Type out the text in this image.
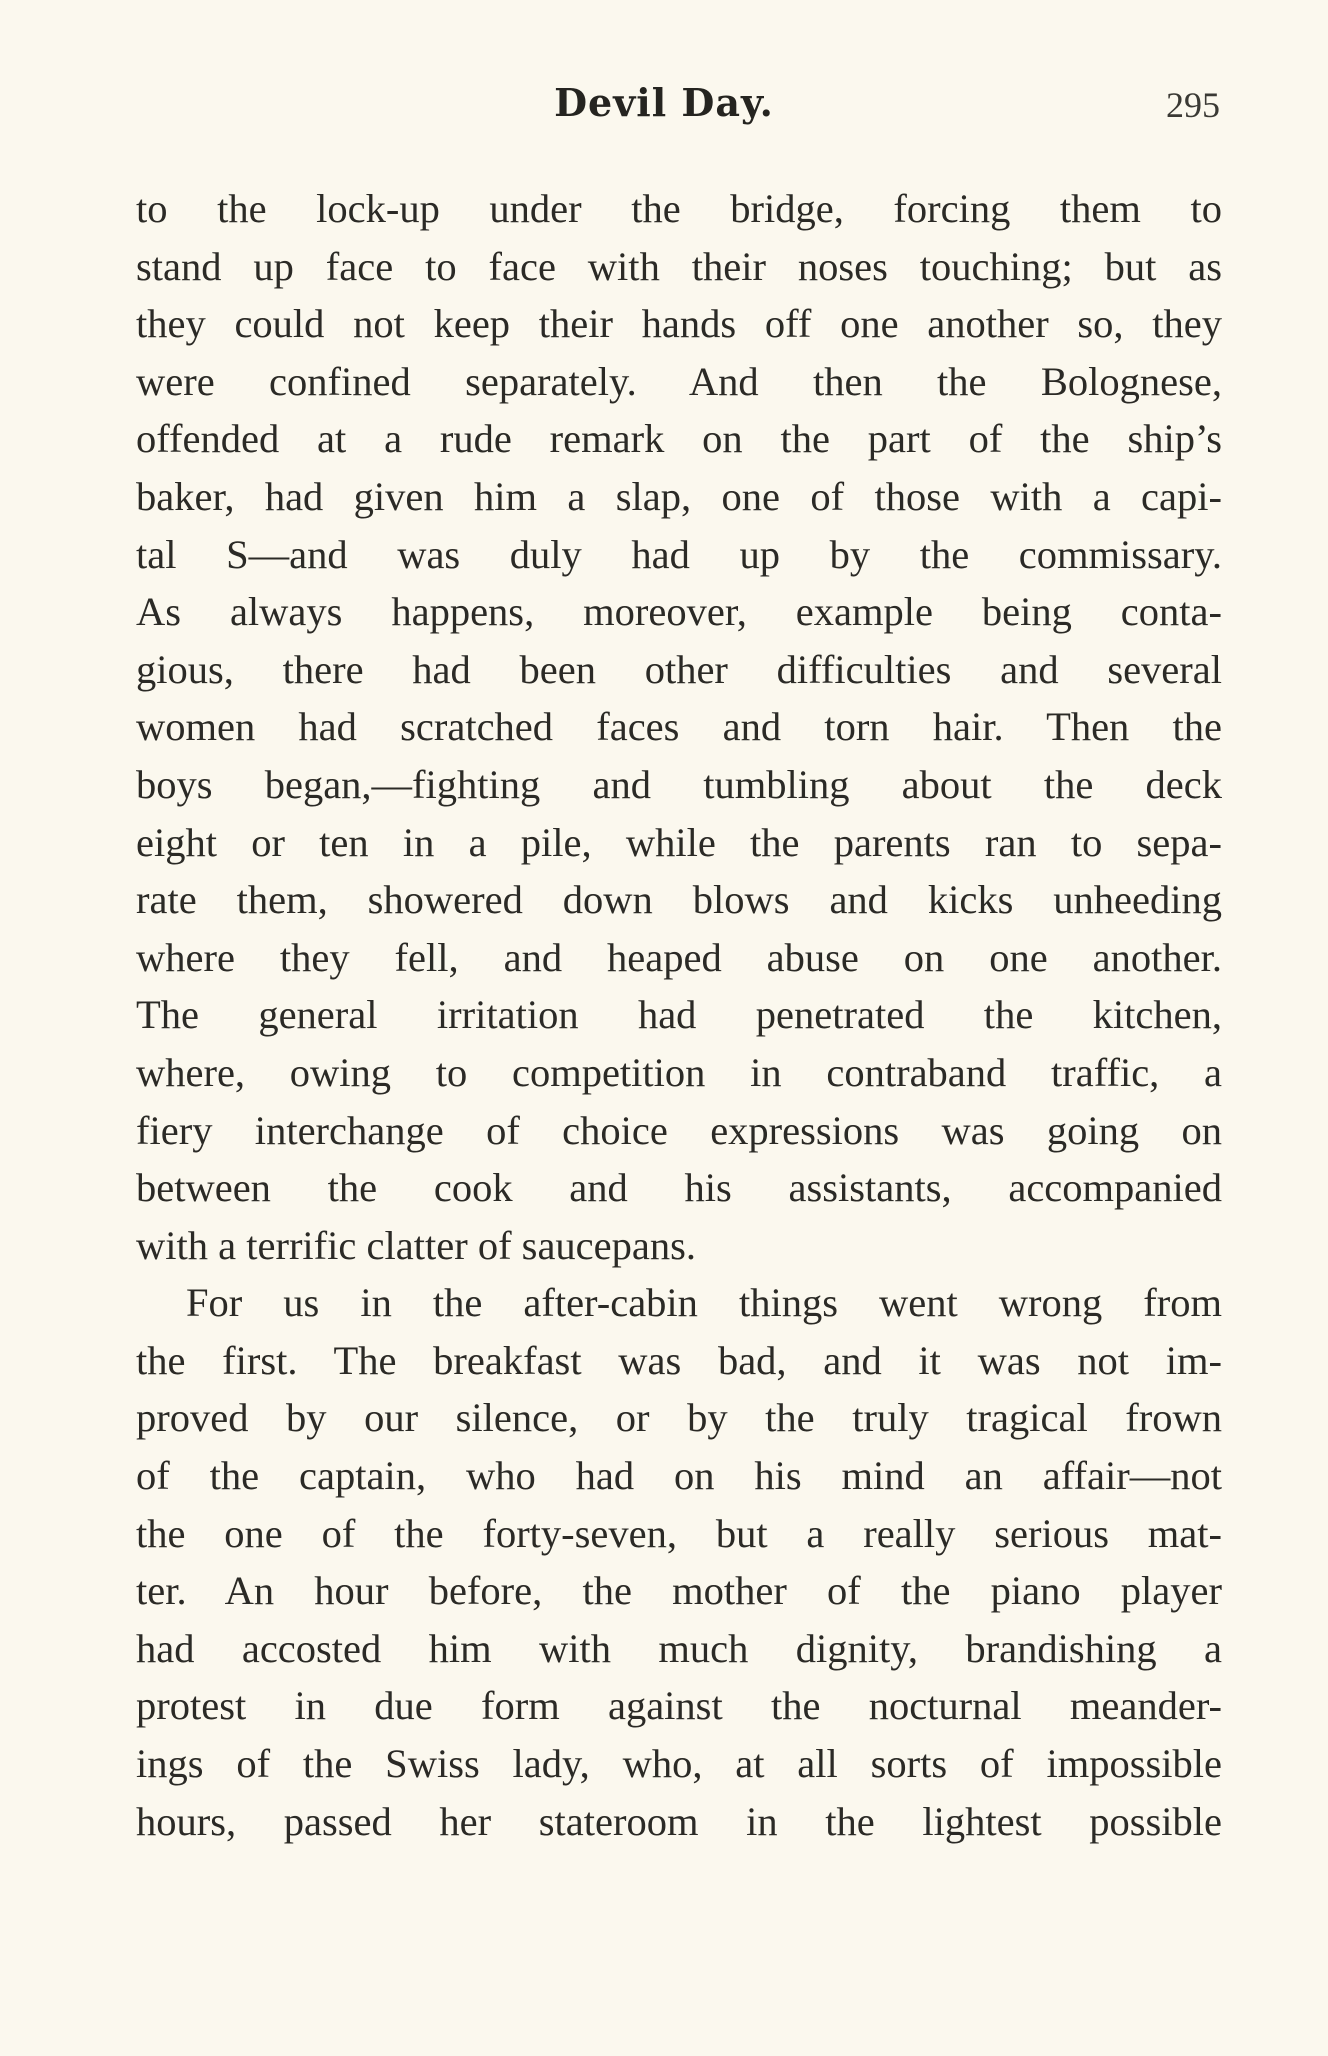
Devil Day.	295
to the lock-up under the bridge, forcing them to
stand up face to face with their noses touching; but as
they could not keep their hands off one another so, they
were confined separately. And then the Bolognese,
offended at a rude remark on the part of the ship’s
baker, had given him a slap, one of those with a capi-
tal S—and was duly had up by the commissary.
As always happens, moreover, example being conta-
gious, there had been other difficulties and several
women had scratched faces and torn hair. Then the
boys began,—fighting and tumbling about the deck
eight or ten in a pile, while the parents ran to sepa-
rate them, showered down blows and kicks unheeding
where they fell, and heaped abuse on one another.
The general irritation had penetrated the kitchen,
where, owing to competition in contraband traffic, a
fiery interchange of choice expressions was going on
between the cook and his assistants, accompanied
with a terrific clatter of saucepans.
For us in the after-cabin things went wrong from
the first. The breakfast was bad, and it was not im-
proved by our silence, or by the truly tragical frown
of the captain, who had on his mind an affair—not
the one of the forty-seven, but a really serious mat-
ter. An hour before, the mother of the piano player
had accosted him with much dignity, brandishing a
protest in due form against the nocturnal meander-
ings of the Swiss lady, who, at all sorts of impossible
hours, passed her stateroom in the lightest possible
